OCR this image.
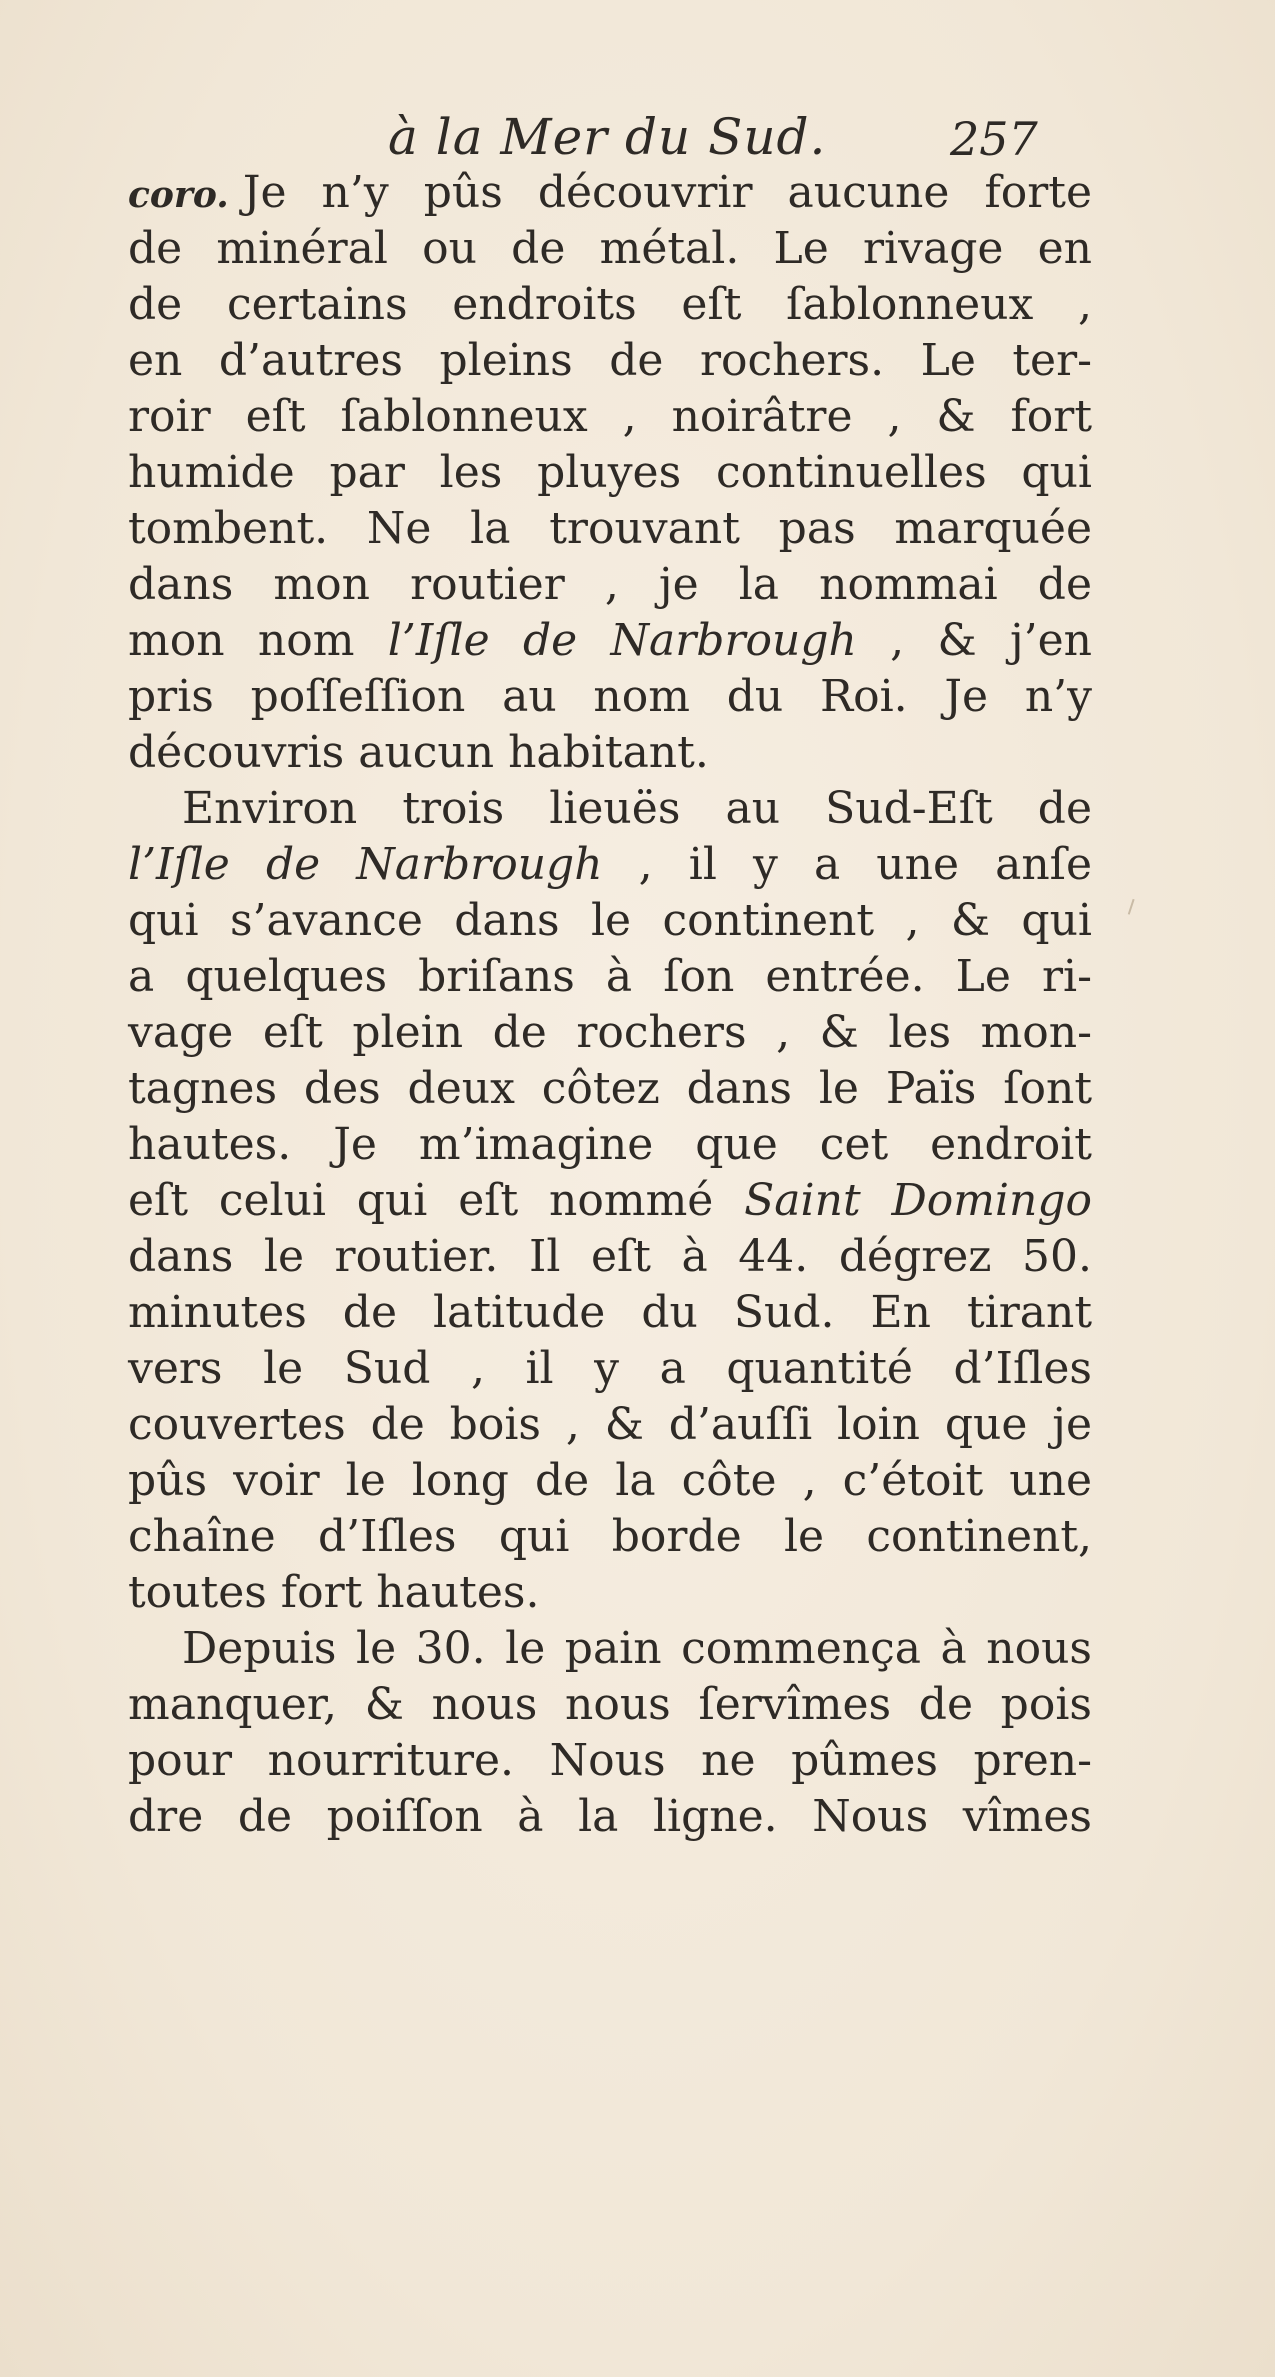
à la Mer du Sud.	257
coro. Je n’y pûs découvrir aucune forte
de minéral ou de métal. Le rivage en
de certains endroits eſt ſablonneux ,
en d’autres pleins de rochers. Le ter-
roir eſt ſablonneux , noirâtre , & fort
humide par les pluyes continuelles qui
tombent. Ne la trouvant pas marquée
dans mon routier , je la nommai de
mon nom l’Iſle de Narbrough , & j’en
pris poſſeſſion au nom du Roi. Je n’y
découvris aucun habitant.
Environ trois lieuës au Sud-Eſt de
l’Iſle de Narbrough , il y a une anſe
qui s’avance dans le continent , & qui
a quelques briſans à ſon entrée. Le ri-
vage eſt plein de rochers , & les mon-
tagnes des deux côtez dans le Païs ſont
hautes. Je m’imagine que cet endroit
eſt celui qui eſt nommé Saint Domingo
dans le routier. Il eſt à 44. dégrez 50.
minutes de latitude du Sud. En tirant
vers le Sud , il y a quantité d’Iſles
couvertes de bois , & d’auſſi loin que je
pûs voir le long de la côte , c’étoit une
chaîne d’Iſles qui borde le continent,
toutes fort hautes.
Depuis le 30. le pain commença à nous
manquer, & nous nous ſervîmes de pois
pour nourriture. Nous ne pûmes pren-
dre de poiſſon à la ligne. Nous vîmes
